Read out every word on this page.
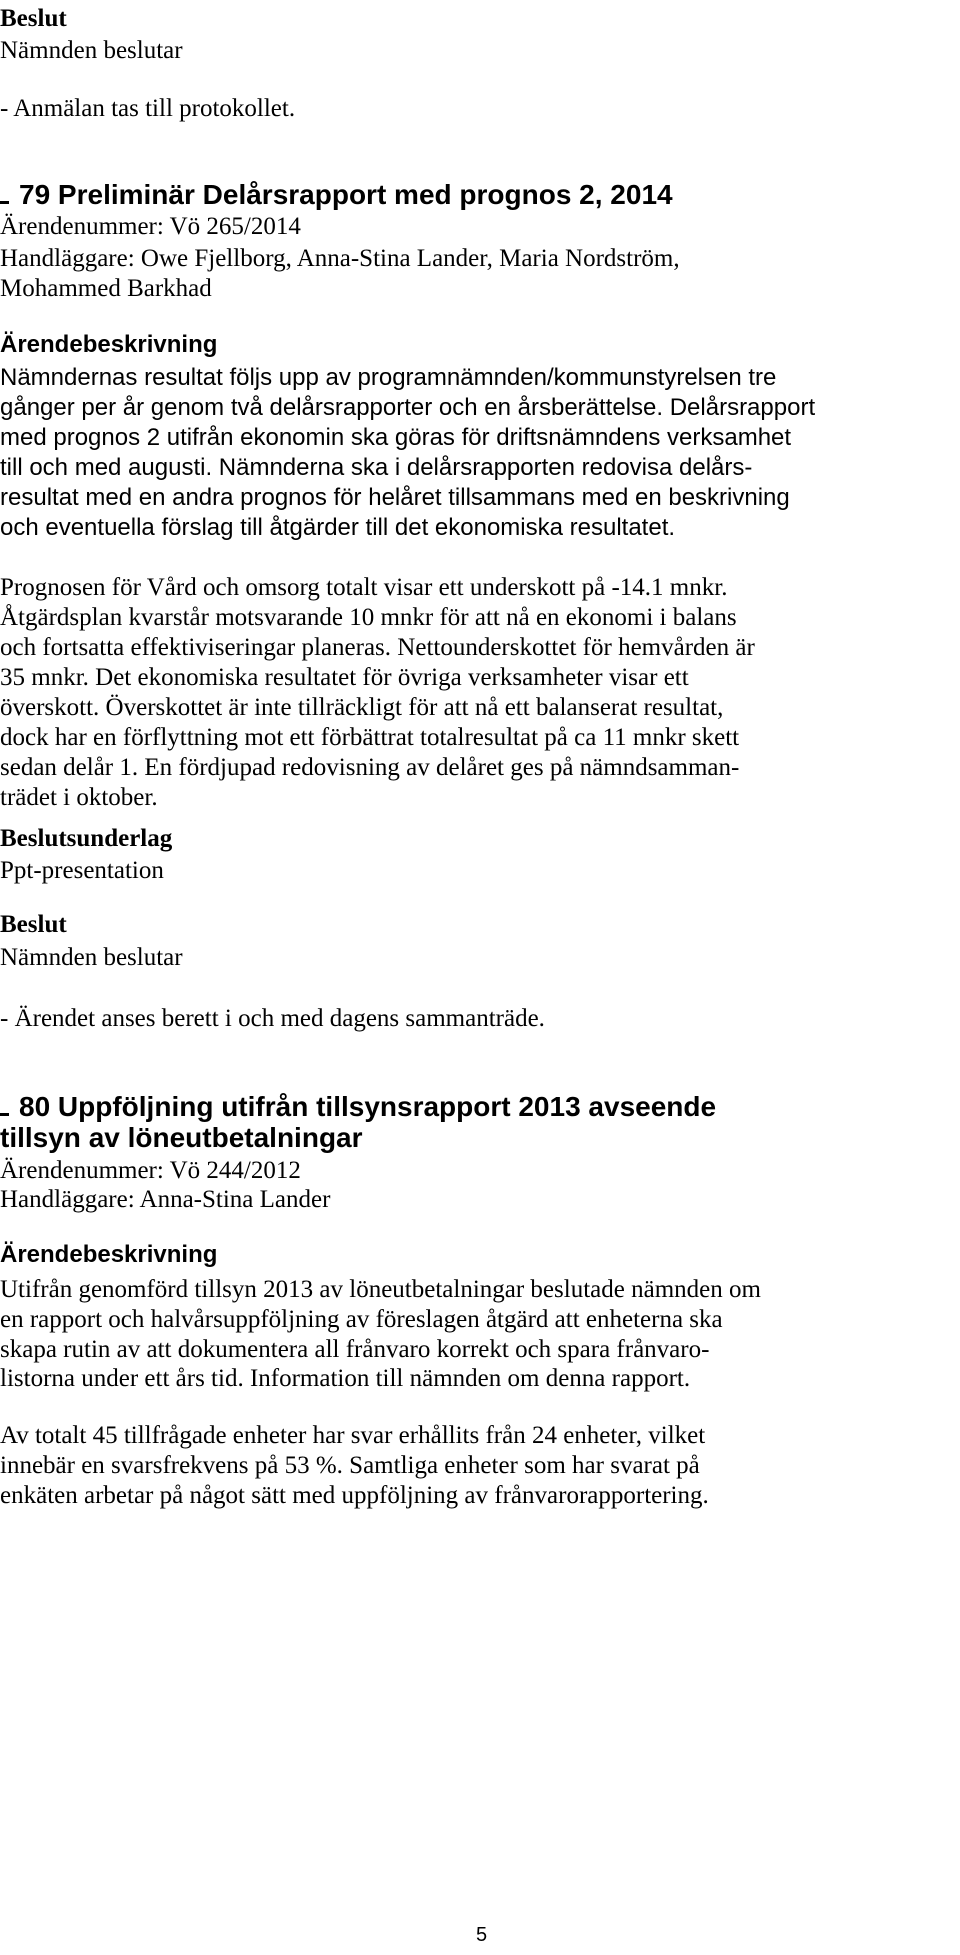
Beslut
Nämnden beslutar
- Anmälan tas till protokollet.
79 Preliminär Delårsrapport med prognos 2, 2014
Ärendenummer: Vö 265/2014
Handläggare: Owe Fjellborg, Anna-Stina Lander, Maria Nordström,
Mohammed Barkhad
Ärendebeskrivning
Nämndernas resultat följs upp av programnämnden/kommunstyrelsen tre
gånger per år genom två delårsrapporter och en årsberättelse. Delårsrapport
med prognos 2 utifrån ekonomin ska göras för driftsnämndens verksamhet
till och med augusti. Nämnderna ska i delårsrapporten redovisa delårs-
resultat med en andra prognos för helåret tillsammans med en beskrivning
och eventuella förslag till åtgärder till det ekonomiska resultatet.
Prognosen för Vård och omsorg totalt visar ett underskott på -14.1 mnkr.
Åtgärdsplan kvarstår motsvarande 10 mnkr för att nå en ekonomi i balans
och fortsatta effektiviseringar planeras. Nettounderskottet för hemvården är
35 mnkr. Det ekonomiska resultatet för övriga verksamheter visar ett
överskott. Överskottet är inte tillräckligt för att nå ett balanserat resultat,
dock har en förflyttning mot ett förbättrat totalresultat på ca 11 mnkr skett
sedan delår 1. En fördjupad redovisning av delåret ges på nämndsamman-
trädet i oktober.
Beslutsunderlag
Ppt-presentation
Beslut
Nämnden beslutar
- Ärendet anses berett i och med dagens sammanträde.
80 Uppföljning utifrån tillsynsrapport 2013 avseende
tillsyn av löneutbetalningar
Ärendenummer: Vö 244/2012
Handläggare: Anna-Stina Lander
Ärendebeskrivning
Utifrån genomförd tillsyn 2013 av löneutbetalningar beslutade nämnden om
en rapport och halvårsuppföljning av föreslagen åtgärd att enheterna ska
skapa rutin av att dokumentera all frånvaro korrekt och spara frånvaro-
listorna under ett års tid. Information till nämnden om denna rapport.
Av totalt 45 tillfrågade enheter har svar erhållits från 24 enheter, vilket
innebär en svarsfrekvens på 53 %. Samtliga enheter som har svarat på
enkäten arbetar på något sätt med uppföljning av frånvarorapportering.
5
